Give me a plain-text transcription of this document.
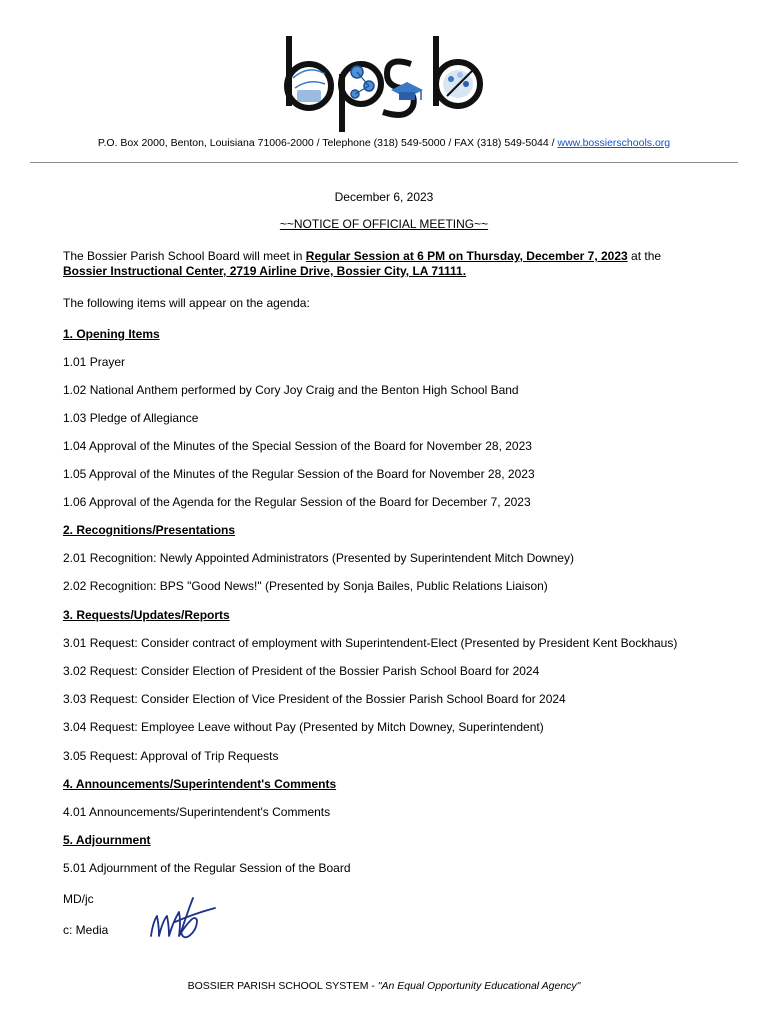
P.O. Box 2000, Benton, Louisiana 71006-2000 / Telephone (318) 549-5000 / FAX (318) 549-5044 / www.bossierschools.org
December 6, 2023
~~NOTICE OF OFFICIAL MEETING~~
The Bossier Parish School Board will meet in Regular Session at 6 PM on Thursday, December 7, 2023 at the
Bossier Instructional Center, 2719 Airline Drive, Bossier City, LA 71111.
The following items will appear on the agenda:
1. Opening Items
1.01 Prayer
1.02 National Anthem performed by Cory Joy Craig and the Benton High School Band
1.03 Pledge of Allegiance
1.04 Approval of the Minutes of the Special Session of the Board for November 28, 2023
1.05 Approval of the Minutes of the Regular Session of the Board for November 28, 2023
1.06 Approval of the Agenda for the Regular Session of the Board for December 7, 2023
2. Recognitions/Presentations
2.01 Recognition: Newly Appointed Administrators (Presented by Superintendent Mitch Downey)
2.02 Recognition: BPS "Good News!" (Presented by Sonja Bailes, Public Relations Liaison)
3. Requests/Updates/Reports
3.01 Request: Consider contract of employment with Superintendent-Elect (Presented by President Kent Bockhaus)
3.02 Request: Consider Election of President of the Bossier Parish School Board for 2024
3.03 Request: Consider Election of Vice President of the Bossier Parish School Board for 2024
3.04 Request: Employee Leave without Pay (Presented by Mitch Downey, Superintendent)
3.05 Request: Approval of Trip Requests
4. Announcements/Superintendent's Comments
4.01 Announcements/Superintendent's Comments
5. Adjournment
5.01 Adjournment of the Regular Session of the Board
MD/jc
c: Media
BOSSIER PARISH SCHOOL SYSTEM - "An Equal Opportunity Educational Agency"
